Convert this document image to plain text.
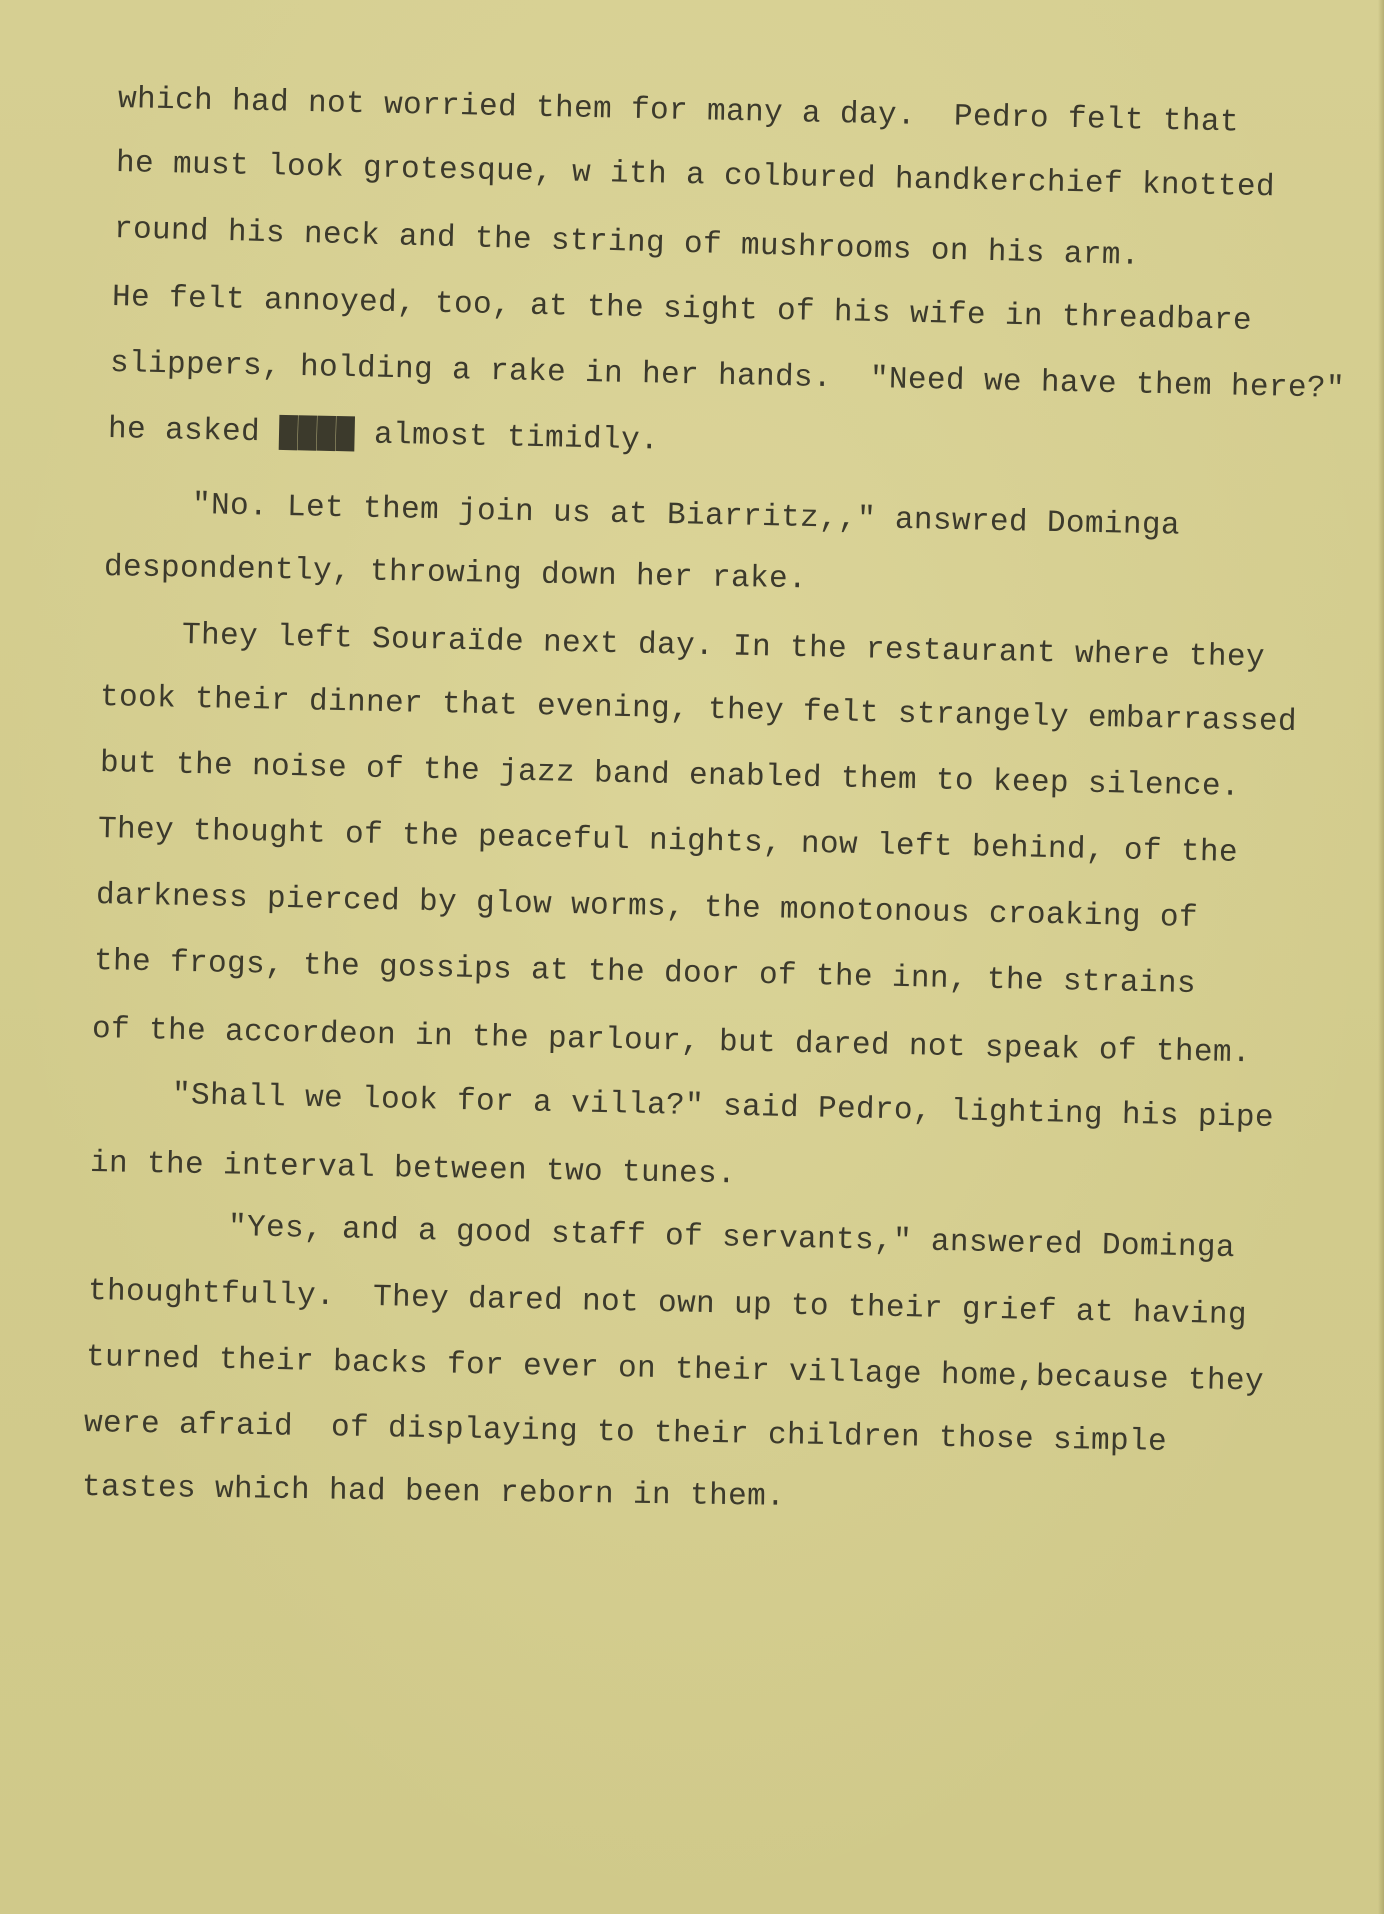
which had not worried them for many a day.  Pedro felt that

he must look grotesque, w ith a colbured handkerchief knotted

round his neck and the string of mushrooms on his arm.

He felt annoyed, too, at the sight of his wife in threadbare

slippers, holding a rake in her hands.  "Need we have them here?"

he asked ████ almost timidly.

"No. Let them join us at Biarritz,," answred Dominga

despondently, throwing down her rake.

They left Souraïde next day. In the restaurant where they

took their dinner that evening, they felt strangely embarrassed

but the noise of the jazz band enabled them to keep silence.

They thought of the peaceful nights, now left behind, of the

darkness pierced by glow worms, the monotonous croaking of

the frogs, the gossips at the door of the inn, the strains

of the accordeon in the parlour, but dared not speak of them.

"Shall we look for a villa?" said Pedro, lighting his pipe

in the interval between two tunes.

"Yes, and a good staff of servants," answered Dominga

thoughtfully.  They dared not own up to their grief at having

turned their backs for ever on their village home,because they

were afraid  of displaying to their children those simple

tastes which had been reborn in them.
